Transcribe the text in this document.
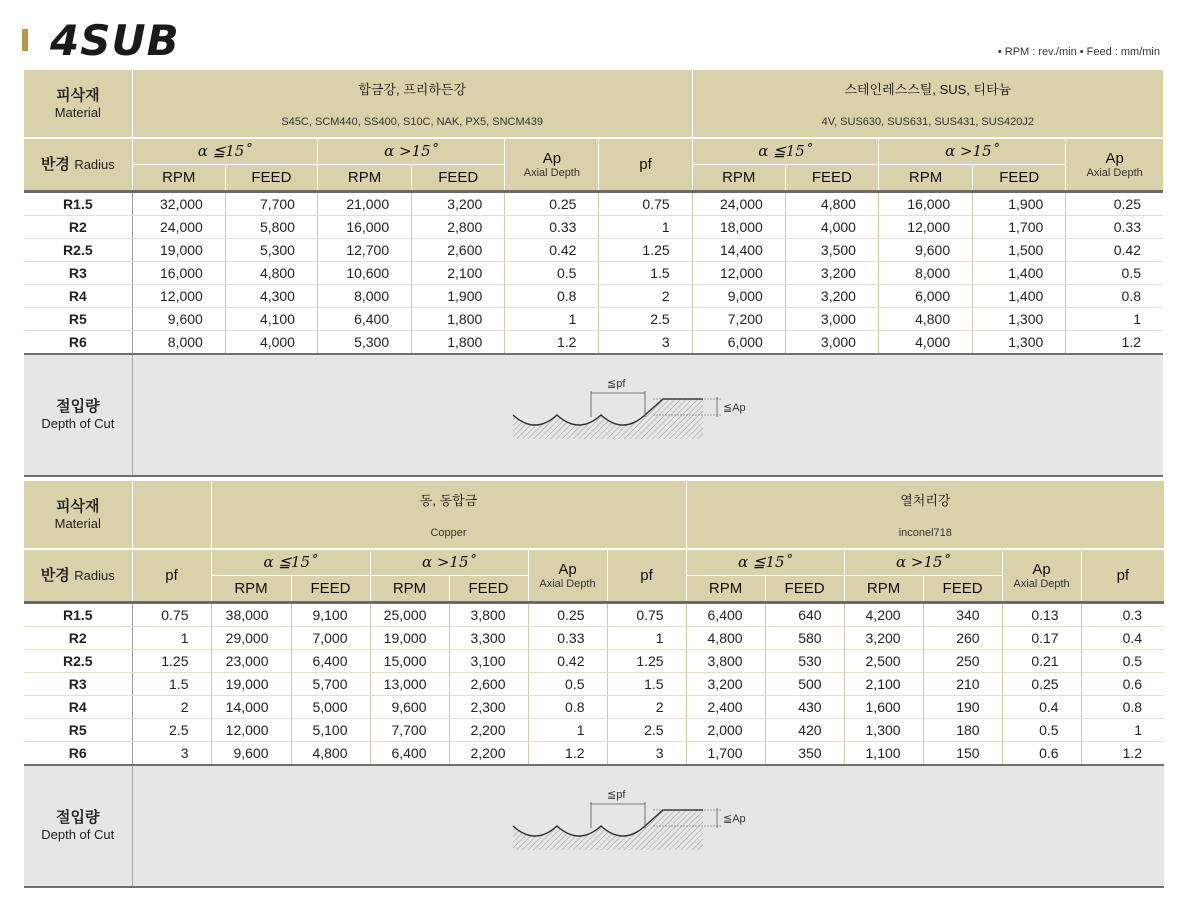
4SUB	• RPM : rev./min • Feed : mm/min
피삭재
Material	합금강, 프리하든강						스테인레스스틸, SUS, 티타늄				
	S45C, SCM440, SS400, S10C, NAK, PX5, SNCM439						4V, SUS630, SUS631, SUS431, SUS420J2				
반경 Radius	α ≦15˚		α >15˚		Ap
Axial Depth	pf	α ≦15˚		α >15˚		Ap
Axial Depth

	RPM	FEED	RPM	FEED			RPM	FEED	RPM	FEED	

R1.5	32,000	7,700	21,000	3,200	0.25	0.75	24,000	4,800	16,000	1,900	0.25
R2	24,000	5,800	16,000	2,800	0.33	1	18,000	4,000	12,000	1,700	0.33
R2.5	19,000	5,300	12,700	2,600	0.42	1.25	14,400	3,500	9,600	1,500	0.42
R3	16,000	4,800	10,600	2,100	0.5	1.5	12,000	3,200	8,000	1,400	0.5
R4	12,000	4,300	8,000	1,900	0.8	2	9,000	3,200	6,000	1,400	0.8
R5	9,600	4,100	6,400	1,800	1	2.5	7,200	3,000	4,800	1,300	1
R6	8,000	4,000	5,300	1,800	1.2	3	6,000	3,000	4,000	1,300	1.2

절입량
Depth of Cut	≦pf
≦Ap										
피삭재
Material		동, 동합금						열처리강					
		Copper						inconel718					
반경 Radius	pf	α ≦15˚		α >15˚		Ap
Axial Depth	pf	α ≦15˚		α >15˚		Ap
Axial Depth	pf
		RPM	FEED	RPM	FEED			RPM	FEED	RPM	FEED		

R1.5	0.75	38,000	9,100	25,000	3,800	0.25	0.75	6,400	640	4,200	340	0.13	0.3
R2	1	29,000	7,000	19,000	3,300	0.33	1	4,800	580	3,200	260	0.17	0.4
R2.5	1.25	23,000	6,400	15,000	3,100	0.42	1.25	3,800	530	2,500	250	0.21	0.5
R3	1.5	19,000	5,700	13,000	2,600	0.5	1.5	3,200	500	2,100	210	0.25	0.6
R4	2	14,000	5,000	9,600	2,300	0.8	2	2,400	430	1,600	190	0.4	0.8
R5	2.5	12,000	5,100	7,700	2,200	1	2.5	2,000	420	1,300	180	0.5	1
R6	3	9,600	4,800	6,400	2,200	1.2	3	1,700	350	1,100	150	0.6	1.2

절입량
Depth of Cut	≦pf
≦Ap												
